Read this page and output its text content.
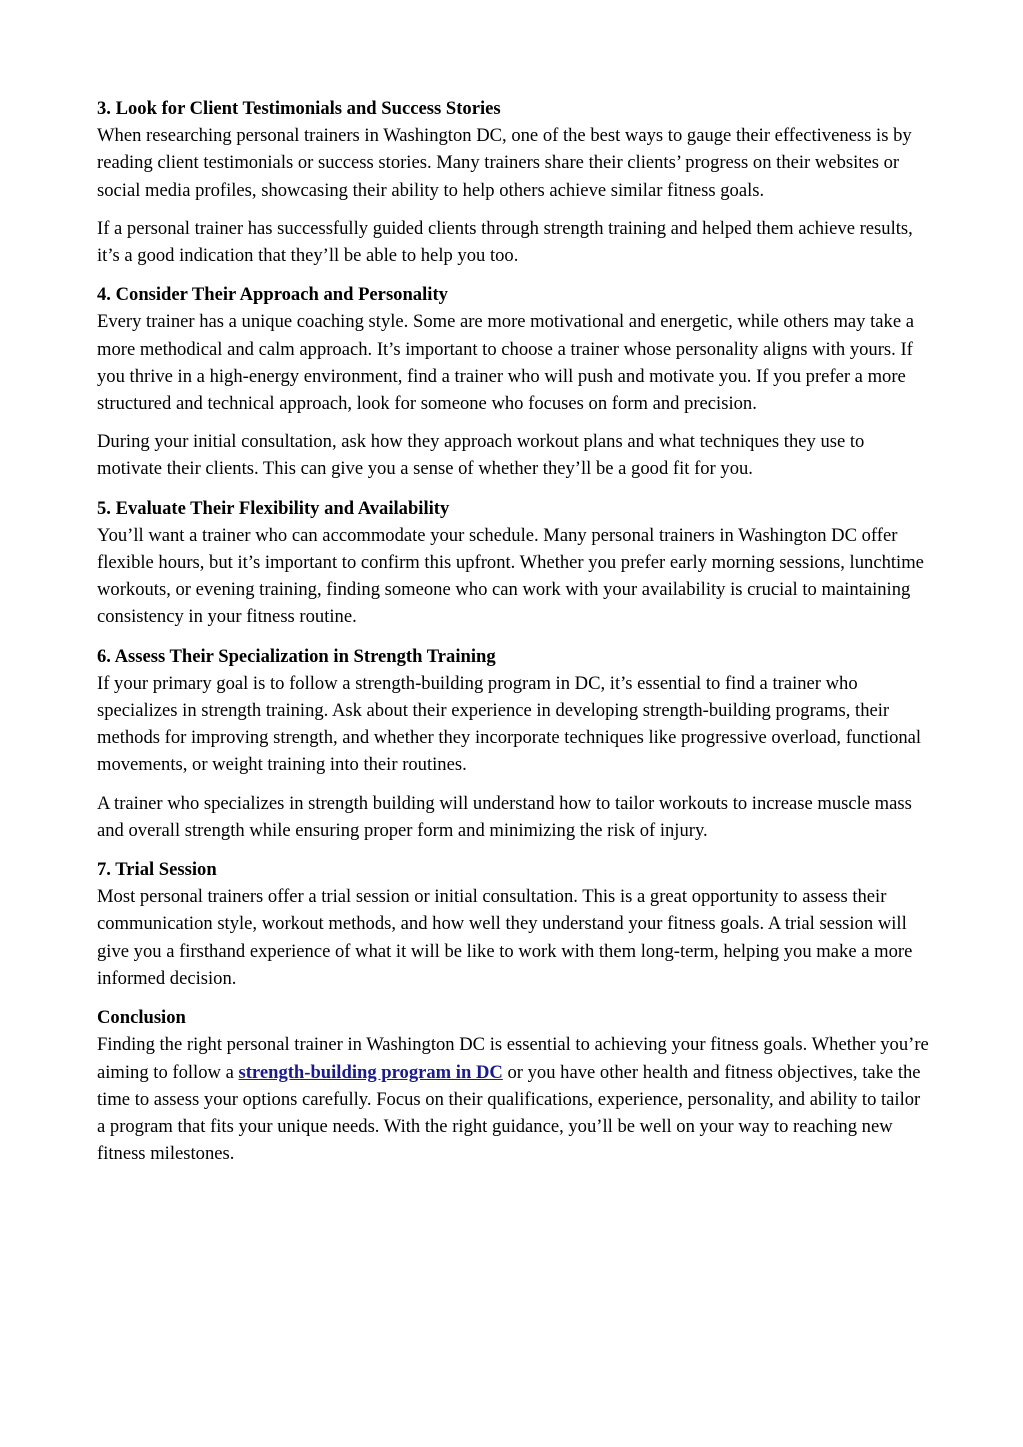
3. Look for Client Testimonials and Success Stories

When researching personal trainers in Washington DC, one of the best ways to gauge their effectiveness is by reading client testimonials or success stories. Many trainers share their clients’ progress on their websites or social media profiles, showcasing their ability to help others achieve similar fitness goals.

If a personal trainer has successfully guided clients through strength training and helped them achieve results, it’s a good indication that they’ll be able to help you too.

4. Consider Their Approach and Personality

Every trainer has a unique coaching style. Some are more motivational and energetic, while others may take a more methodical and calm approach. It’s important to choose a trainer whose personality aligns with yours. If you thrive in a high-energy environment, find a trainer who will push and motivate you. If you prefer a more structured and technical approach, look for someone who focuses on form and precision.

During your initial consultation, ask how they approach workout plans and what techniques they use to motivate their clients. This can give you a sense of whether they’ll be a good fit for you.

5. Evaluate Their Flexibility and Availability

You’ll want a trainer who can accommodate your schedule. Many personal trainers in Washington DC offer flexible hours, but it’s important to confirm this upfront. Whether you prefer early morning sessions, lunchtime workouts, or evening training, finding someone who can work with your availability is crucial to maintaining consistency in your fitness routine.

6. Assess Their Specialization in Strength Training

If your primary goal is to follow a strength-building program in DC, it’s essential to find a trainer who specializes in strength training. Ask about their experience in developing strength-building programs, their methods for improving strength, and whether they incorporate techniques like progressive overload, functional movements, or weight training into their routines.

A trainer who specializes in strength building will understand how to tailor workouts to increase muscle mass and overall strength while ensuring proper form and minimizing the risk of injury.

7. Trial Session

Most personal trainers offer a trial session or initial consultation. This is a great opportunity to assess their communication style, workout methods, and how well they understand your fitness goals. A trial session will give you a firsthand experience of what it will be like to work with them long-term, helping you make a more informed decision.

Conclusion

Finding the right personal trainer in Washington DC is essential to achieving your fitness goals. Whether you’re aiming to follow a strength-building program in DC or you have other health and fitness objectives, take the time to assess your options carefully. Focus on their qualifications, experience, personality, and ability to tailor a program that fits your unique needs. With the right guidance, you’ll be well on your way to reaching new fitness milestones.
